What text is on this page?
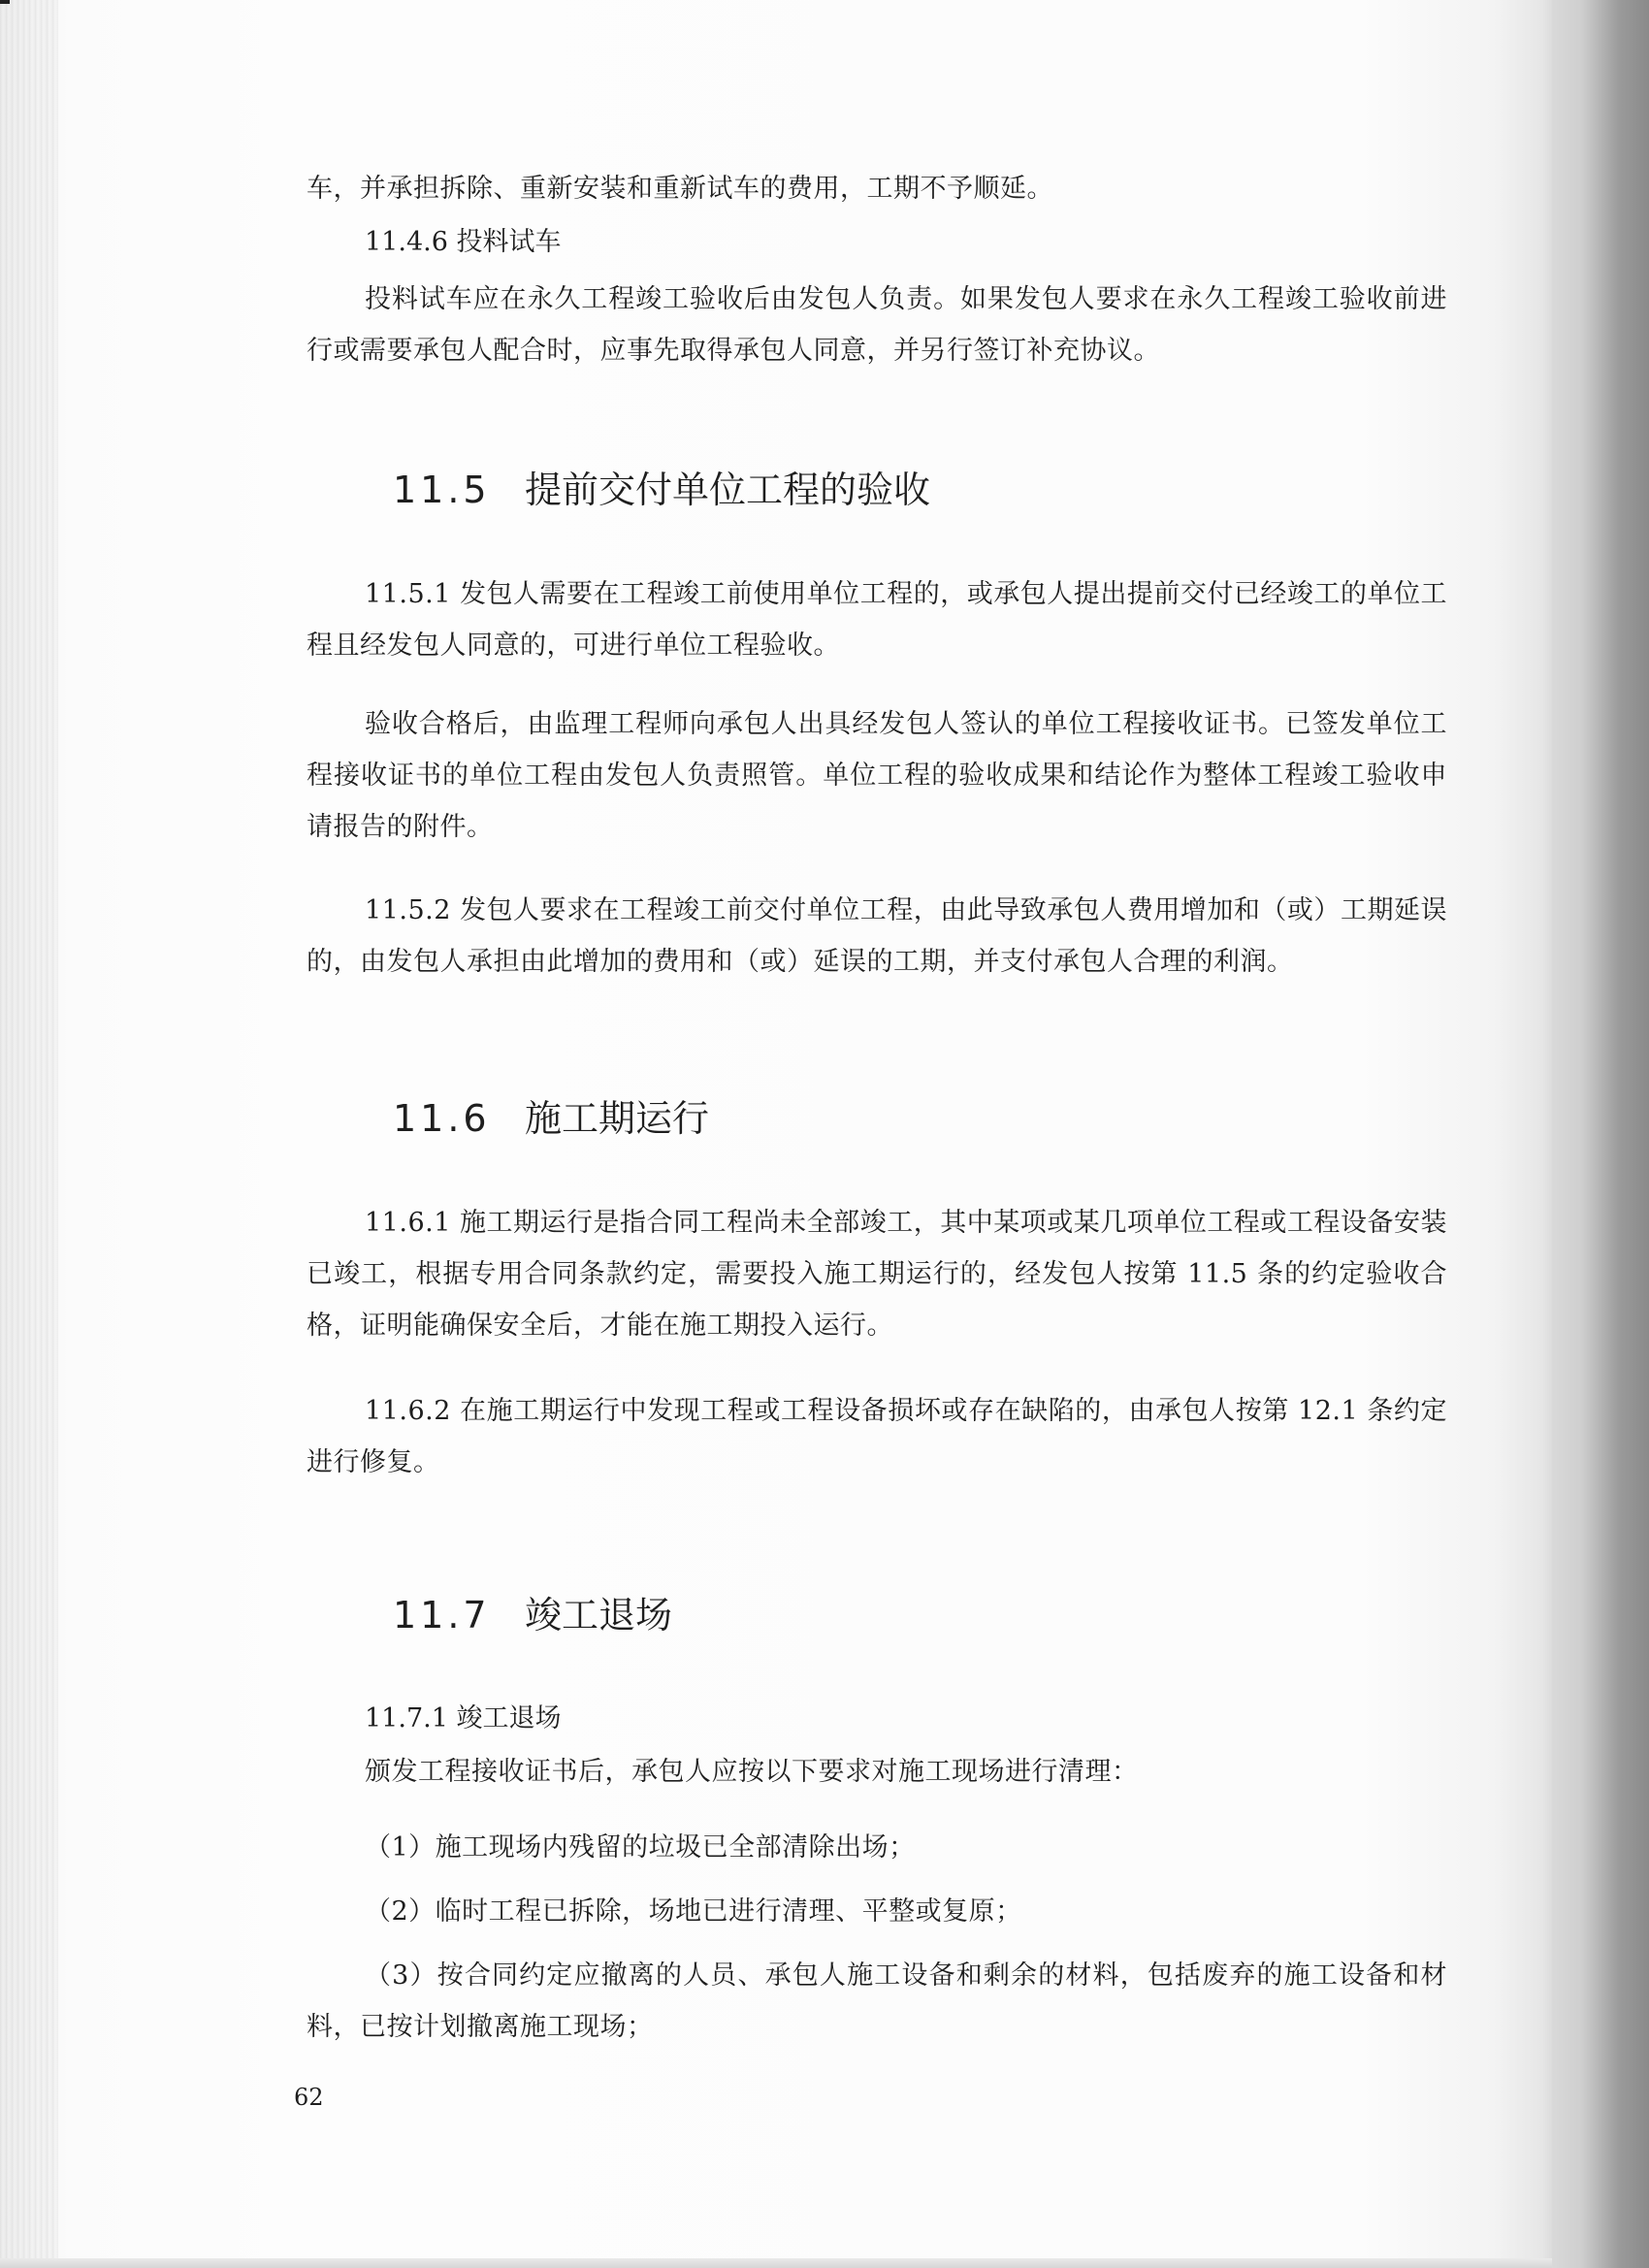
车，并承担拆除、重新安装和重新试车的费用，工期不予顺延。

11.4.6 投料试车

投料试车应在永久工程竣工验收后由发包人负责。如果发包人要求在永久工程竣工验收前进行或需要承包人配合时，应事先取得承包人同意，并另行签订补充协议。

11.5 提前交付单位工程的验收

11.5.1 发包人需要在工程竣工前使用单位工程的，或承包人提出提前交付已经竣工的单位工程且经发包人同意的，可进行单位工程验收。

验收合格后，由监理工程师向承包人出具经发包人签认的单位工程接收证书。已签发单位工程接收证书的单位工程由发包人负责照管。单位工程的验收成果和结论作为整体工程竣工验收申请报告的附件。

11.5.2 发包人要求在工程竣工前交付单位工程，由此导致承包人费用增加和（或）工期延误的，由发包人承担由此增加的费用和（或）延误的工期，并支付承包人合理的利润。

11.6 施工期运行

11.6.1 施工期运行是指合同工程尚未全部竣工，其中某项或某几项单位工程或工程设备安装已竣工，根据专用合同条款约定，需要投入施工期运行的，经发包人按第 11.5 条的约定验收合格，证明能确保安全后，才能在施工期投入运行。

11.6.2 在施工期运行中发现工程或工程设备损坏或存在缺陷的，由承包人按第 12.1 条约定进行修复。

11.7 竣工退场

11.7.1 竣工退场

颁发工程接收证书后，承包人应按以下要求对施工现场进行清理：

（1）施工现场内残留的垃圾已全部清除出场；

（2）临时工程已拆除，场地已进行清理、平整或复原；

（3）按合同约定应撤离的人员、承包人施工设备和剩余的材料，包括废弃的施工设备和材料，已按计划撤离施工现场；

62
